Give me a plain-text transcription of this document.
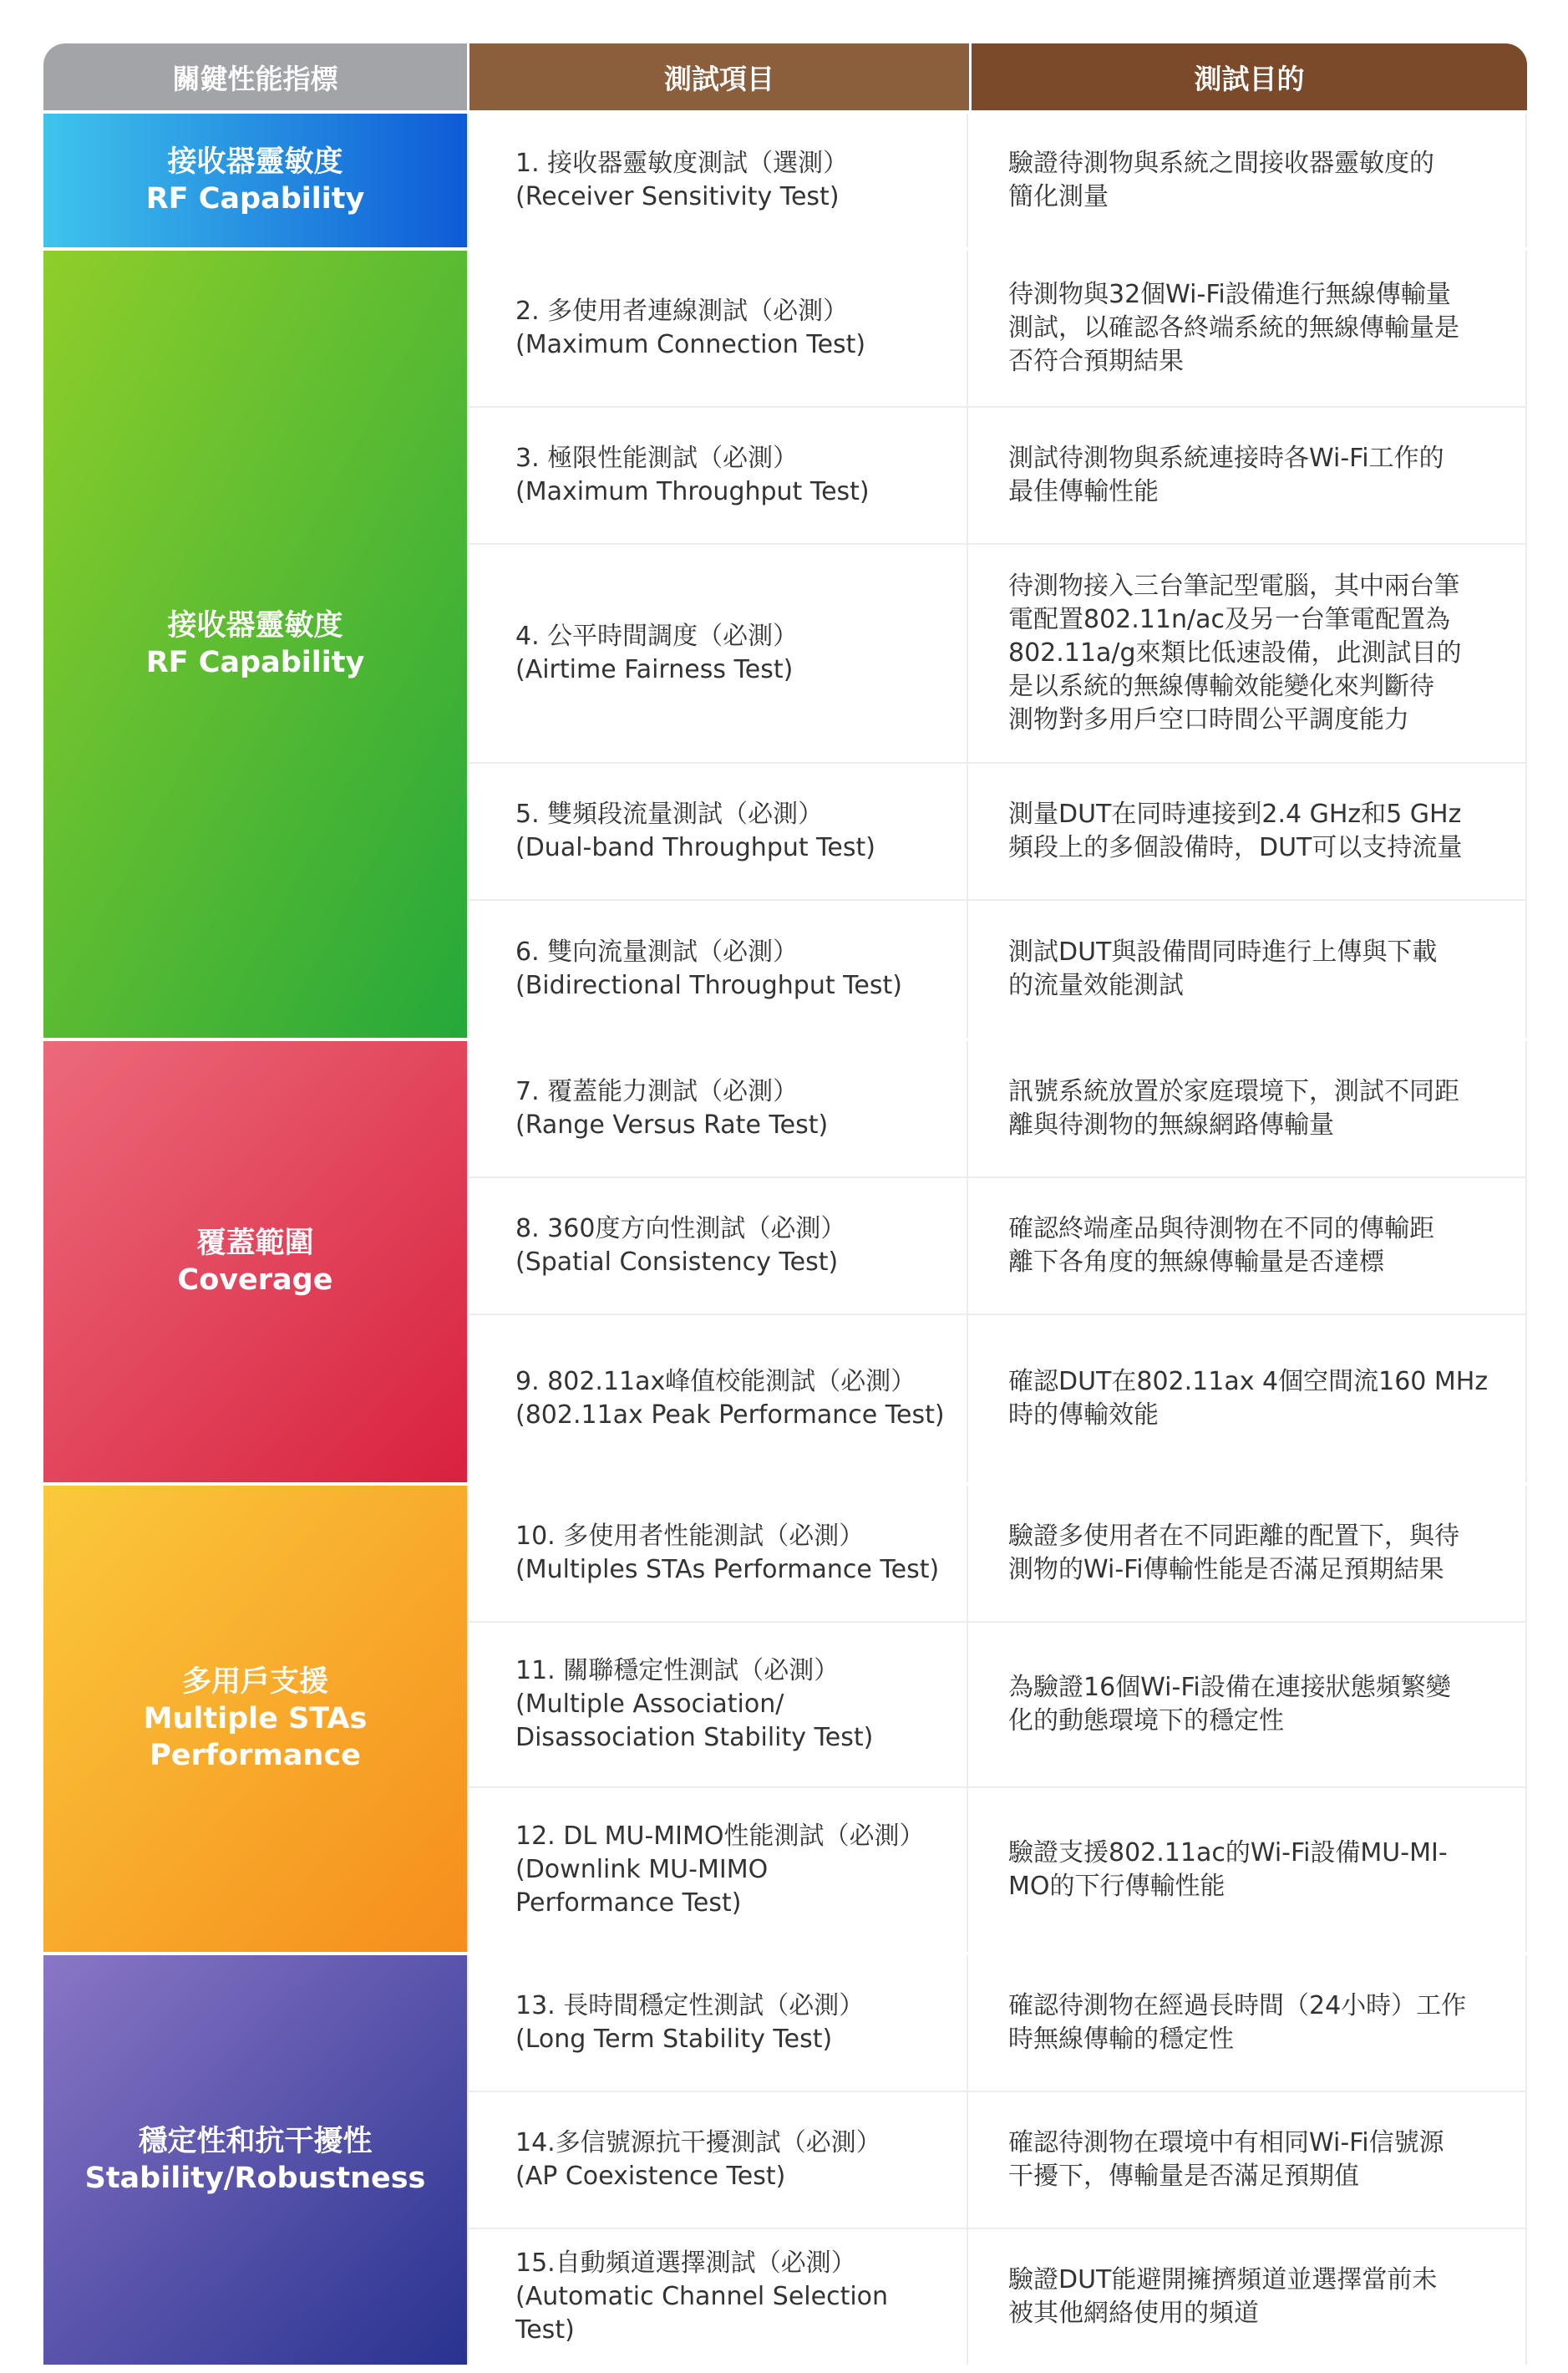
關鍵性能指標	測試項目	測試目的
接收器靈敏度
RF Capability
1. 接收器靈敏度測試（選測）
(Receiver Sensitivity Test)
驗證待測物與系統之間接收器靈敏度的
簡化測量
接收器靈敏度
RF Capability
2. 多使用者連線測試（必測）
(Maximum Connection Test)
待測物與32個Wi-Fi設備進行無線傳輸量
測試，以確認各終端系統的無線傳輸量是
否符合預期結果
3. 極限性能測試（必測）
(Maximum Throughput Test)
測試待測物與系統連接時各Wi-Fi工作的
最佳傳輸性能
4. 公平時間調度（必測）
(Airtime Fairness Test)
待測物接入三台筆記型電腦，其中兩台筆
電配置802.11n/ac及另一台筆電配置為
802.11a/g來類比低速設備，此測試目的
是以系統的無線傳輸效能變化來判斷待
測物對多用戶空口時間公平調度能力
5. 雙頻段流量測試（必測）
(Dual-band Throughput Test)
測量DUT在同時連接到2.4 GHz和5 GHz
頻段上的多個設備時，DUT可以支持流量
6. 雙向流量測試（必測）
(Bidirectional Throughput Test)
測試DUT與設備間同時進行上傳與下載
的流量效能測試
覆蓋範圍
Coverage
7. 覆蓋能力測試（必測）
(Range Versus Rate Test)
訊號系統放置於家庭環境下，測試不同距
離與待測物的無線網路傳輸量
8. 360度方向性測試（必測）
(Spatial Consistency Test)
確認終端產品與待測物在不同的傳輸距
離下各角度的無線傳輸量是否達標
9. 802.11ax峰值校能測試（必測）
(802.11ax Peak Performance Test)
確認DUT在802.11ax 4個空間流160 MHz
時的傳輸效能
多用戶支援
Multiple STAs Performance
10. 多使用者性能測試（必測）
(Multiples STAs Performance Test)
驗證多使用者在不同距離的配置下，與待
測物的Wi-Fi傳輸性能是否滿足預期結果
11. 關聯穩定性測試（必測）
(Multiple Association/
Disassociation Stability Test)
為驗證16個Wi-Fi設備在連接狀態頻繁變
化的動態環境下的穩定性
12. DL MU-MIMO性能測試（必測）
(Downlink MU-MIMO
Performance Test)
驗證支援802.11ac的Wi-Fi設備MU-MI-
MO的下行傳輸性能
穩定性和抗干擾性
Stability/Robustness
13. 長時間穩定性測試（必測）
(Long Term Stability Test)
確認待測物在經過長時間（24小時）工作
時無線傳輸的穩定性
14.多信號源抗干擾測試（必測）
(AP Coexistence Test)
確認待測物在環境中有相同Wi-Fi信號源
干擾下，傳輸量是否滿足預期值
15.自動頻道選擇測試（必測）
(Automatic Channel Selection Test)
驗證DUT能避開擁擠頻道並選擇當前未
被其他網絡使用的頻道
